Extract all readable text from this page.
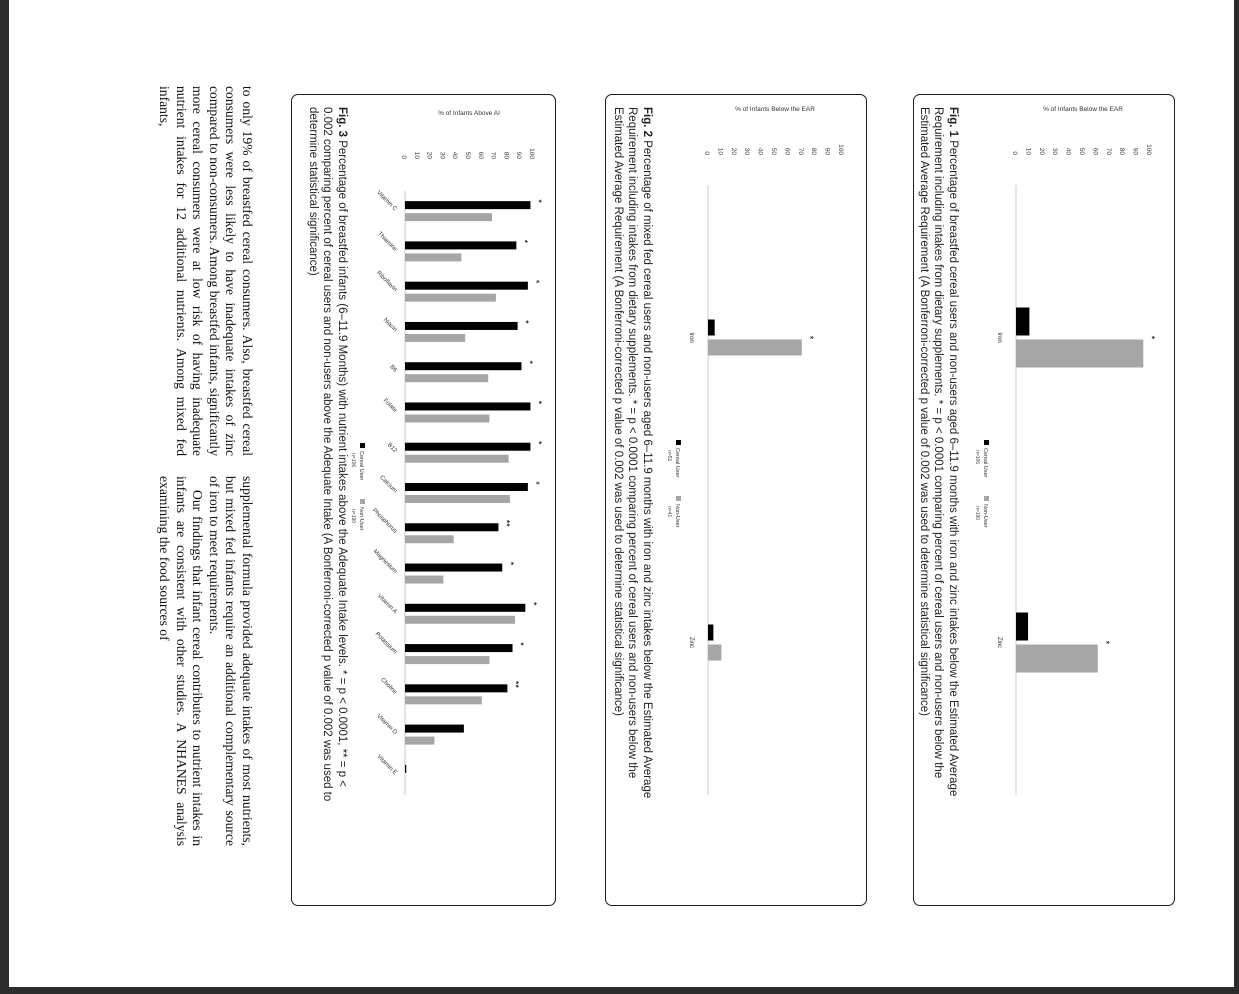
0 10 20 30 40 50 60 70 80 90 100
% of Infants Below the EAR
*
Iron
*
Zinc
Cereal User
n=106
Non-User
n=190
Fig. 1 Percentage of breastfed cereal users and non-users aged 6–11.9 months with iron and zinc intakes below the Estimated Average Requirement including intakes from dietary supplements. * = p < 0.0001 comparing percent of cereal users and non-users below the Estimated Average Requirement (A Bonferroni-corrected p value of 0.002 was used to determine statistical significance)
0 10 20 30 40 50 60 70 80 90 100
% of Infants Below the EAR
*
Iron
Zinc
Cereal User
n=51
Non-User
n=41
Fig. 2 Percentage of mixed fed cereal users and non-users aged 6–11.9 months with iron and zinc intakes below the Estimated Average Requirement including intakes from dietary supplements. * = p < 0.0001 comparing percent of cereal users and non-users below the Estimated Average Requirement (A Bonferroni-corrected p value of 0.002 was used to determine statistical significance)
0 10 20 30 40 50 60 70 80 90 100
% of Infants Above AI
*
Vitamin C
*
Thiamine
*
Riboflavin
*
Niacin
*
B6
*
Folate
*
B12
*
Calcium
**
Phosphorus
*
Magnesium
*
Vitamin A
*
Potassium
**
Choline
Vitamin D
Vitamin E
Cereal User
n=106
Non-User
n=190
Fig. 3 Percentage of breastfed infants (6–11.9 Months) with nutrient intakes above the Adequate Intake levels. * = p < 0.0001, ** = p < 0.002 comparing percent of cereal users and non-users above the Adequate Intake (A Bonferroni-corrected p value of 0.002 was used to determine statistical significance)

to only 19% of breastfed cereal consumers. Also, breastfed cereal consumers were less likely to have inadequate intakes of zinc compared to non-consumers. Among breastfed infants, significantly more cereal consumers were at low risk of having inadequate nutrient intakes for 12 additional nutrients. Among mixed fed infants,

supplemental formula provided adequate intakes of most nutrients, but mixed fed infants require an additional complementary source of iron to meet requirements.

Our findings that infant cereal contributes to nutrient intakes in infants are consistent with other studies. A NHANES analysis examining the food sources of
